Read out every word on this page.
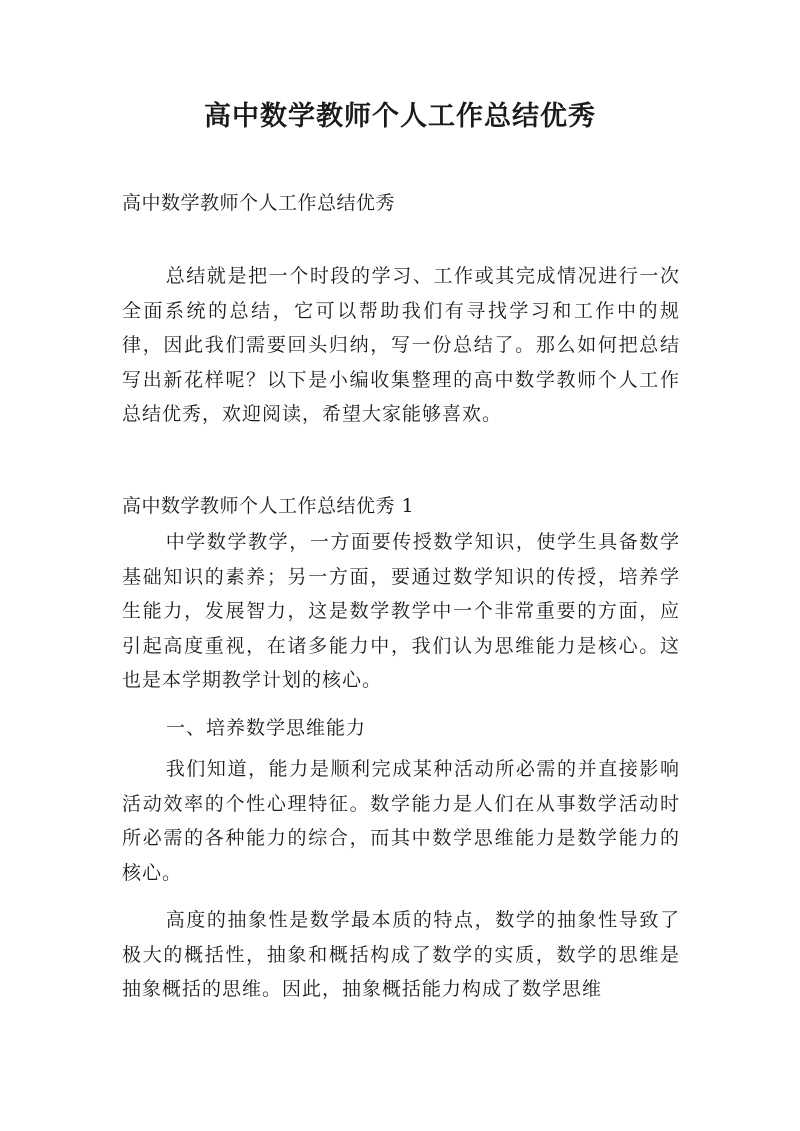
高中数学教师个人工作总结优秀
高中数学教师个人工作总结优秀

总结就是把一个时段的学习、工作或其完成情况进行一次全面系统的总结，它可以帮助我们有寻找学习和工作中的规律，因此我们需要回头归纳，写一份总结了。那么如何把总结写出新花样呢？以下是小编收集整理的高中数学教师个人工作总结优秀，欢迎阅读，希望大家能够喜欢。

高中数学教师个人工作总结优秀 1

中学数学教学，一方面要传授数学知识，使学生具备数学基础知识的素养；另一方面，要通过数学知识的传授，培养学生能力，发展智力，这是数学教学中一个非常重要的方面，应引起高度重视，在诸多能力中，我们认为思维能力是核心。这也是本学期教学计划的核心。

一、培养数学思维能力

我们知道，能力是顺利完成某种活动所必需的并直接影响活动效率的个性心理特征。数学能力是人们在从事数学活动时所必需的各种能力的综合，而其中数学思维能力是数学能力的核心。

高度的抽象性是数学最本质的特点，数学的抽象性导致了极大的概括性，抽象和概括构成了数学的实质，数学的思维是抽象概括的思维。因此，抽象概括能力构成了数学思维
